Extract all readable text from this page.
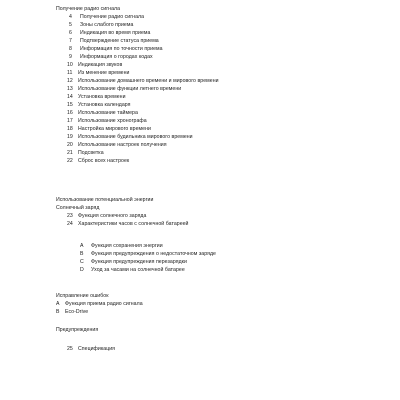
Получение радио сигнала
4 Получение радио сигнала
5 Зоны слабого приема
6 Индикация во время приема
7 Подтверждение статуса приема
8 Информация по точности приема
9 Информация о городах кодах
10 Индикация звуков
11 Из менение времени
12 Использование домашнего времени и мирового времени
13 Использование функции летнего времени
14 Установка времени
15 Установка календаря
16 Использование таймера
17 Использование хронографа
18 Настройка мирового времени
19 Использование будильника мирового времени
20 Использование настроек получения
21 Подсветка
22 Сброс всех настроек
Использование потенциальной энергии
Солнечный заряд
23 Функция солнечного заряда
24 Характеристики часов с солнечной батареей
A Функция сохранения энергии
B Функция предупреждения о недостаточном заряде
C Функция предупреждения перезарядки
D Уход за часами на солнечной батарее
Исправление ошибок
A Функция приема радио сигнала
B Eco-Drive
Предупреждения
25 Спецификация
